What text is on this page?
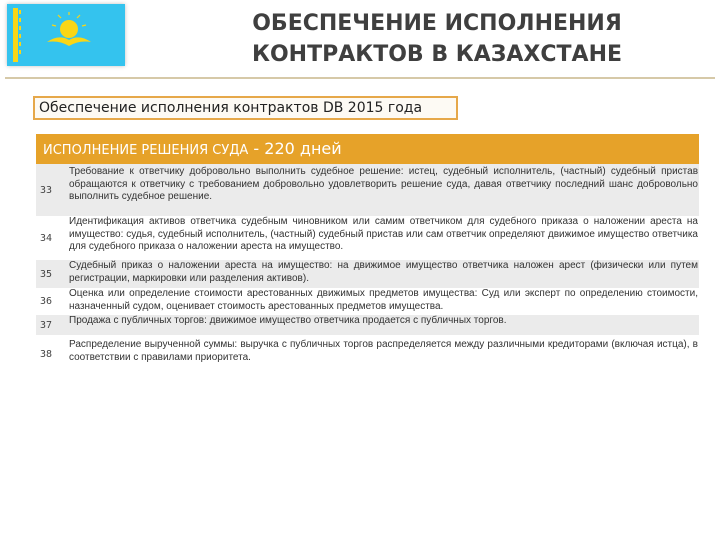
ОБЕСПЕЧЕНИЕ ИСПОЛНЕНИЯ
КОНТРАКТОВ В КАЗАХСТАНЕ
Обеспечение исполнения контрактов DB 2015 года
ИСПОЛНЕНИЕ РЕШЕНИЯ СУДА - 220 дней
33
Требование к ответчику добровольно выполнить судебное решение: истец, судебный исполнитель, (частный) судебный пристав обращаются к ответчику с требованием добровольно удовлетворить решение суда, давая ответчику последний шанс добровольно выполнить судебное решение.
34
Идентификация активов ответчика судебным чиновником или самим ответчиком для судебного приказа о наложении ареста на имущество: судья, судебный исполнитель, (частный) судебный пристав или сам ответчик определяют движимое имущество ответчика для судебного приказа о наложении ареста на имущество.
35
Судебный приказ о наложении ареста на имущество: на движимое имущество ответчика наложен арест (физически или путем регистрации, маркировки или разделения активов).
36
Оценка или определение стоимости арестованных движимых предметов имущества: Суд или эксперт по определению стоимости, назначенный судом, оценивает стоимость арестованных предметов имущества.
37	Продажа с публичных торгов: движимое имущество ответчика продается с публичных торгов.
38
Распределение вырученной суммы: выручка с публичных торгов распределяется между различными кредиторами (включая истца), в соответствии с правилами приоритета.
